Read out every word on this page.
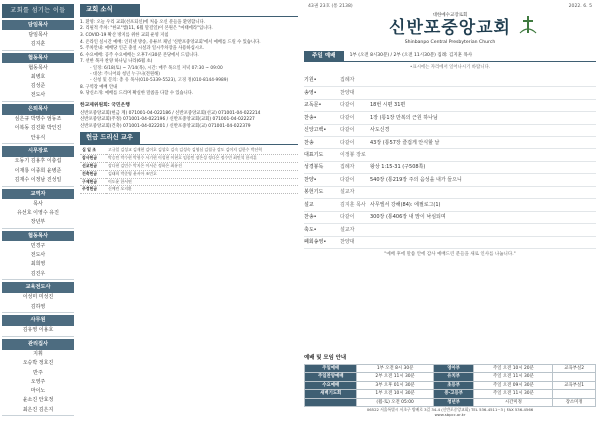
교회를 섬기는 이들
담임목사
담임목사
김지훈
협동목사
협동목사
최병호
김성준
전도사
은퇴목사
심은규 박명수 엄동조
이복동 김진화 박인진
안유식
시무장로
오동기 김용후 이충섭
이재룡 이종희 윤병준
김재수 이정남 진성일
교역자
목사
유선호 이영수 유진
장년부
협동목사
민경구
전도사
최희영
김진우
교육전도사
이성미 미성진
김하영
사무원
김유영 이용호
관리집사
지휘
오승박 정호진
반주
오영주
마이노
윤소진 안효정
최은진 김은지
교회 소식
1. 환영: 오늘 우리 교회(선포되신)에 처음 오신 분들을 환영합니다.
2. 리필적 주차: "한교"앱(11, 6월 말걸일)이 본원은 "마태에라"입니다.
3. COVID-19 확산 방지를 위한 교회 운영 지침
4. 온라인 실시간 예배: 인터넷 방송, 유튜브 채널 '신반포중앙교회'에서 예배를 드릴 수 있습니다.
5. 주차안내: 예배당 인근 충설 시설과 일시주차장을 사용하십시오.
6. 수요예배: 공주 수요예배는 오후7시30분 본당에서 드립니다.
7. 선한 목자 찬양 하나님 나라(6월 초)
- 일정: 6/18(토) ~ 7/14(목), 시간: 매주 목요일 저녁 07:30 ~ 09:00
- 대상: 주니어와 청년 누구나(전원해)
- 신청 및 문의: 총 유 목사(010-5339-5523), 고경 정(010-8144-9989)
8. 구역장 예배 안내
9. 당신소개: 예배를 드리며 확실한 말씀을 다할 수 있습니다.
한교제위원회: 국민은행
신반포중앙교회(헌금 계) 071001-04-022186 / 신반포중앙교회(선교) 071001-04-022214
신반포중앙교회(주정) 071001-04-022196 / 신반포중앙교회(교회) 071001-04-022227
신반포중앙교회(건축) 071001-04-022201 / 신반포중앙교회(교) 071001-04-022379
헌금 드리신 교우
십 일 조	고규일 김성교 김재현 김이호 김상호 김숙 김성숙 김영심 김철규 강도 김이지 김한수 박선혁
감사헌금	박승민 박수현 박형수 서기현 이성현 이현호 임종민 장은성 정다은 정수빈 최민석 한지훈
선교헌금	강다현 김민수 박지은 이서준 정하은 최유진
건축헌금	김태희 박준영 윤서아 조민호
구제헌금	이도윤 한서연
주정헌금	신예린 오지환
43권 23호 (통 2138)	2022. 6. 5
대한예수교장로회
신반포중앙교회
Shinbanpo Central Presbyterian Church
주일 예배	1부 (오전 8시30분) / 2부 (오전 11시30분) 집례: 김지훈 목사
•표시에는 자리에서 일어나시기 바랍니다.
기원•	집례자
송영•	찬양대
교독문•	다같이	18번 시편 31편
찬송•	다같이	1장 (통1장 만복의 근원 하나님
신앙고백•	다같이	사도신경
찬송	다같이	43장 (통57장 즐겁게 안식할 날
대표기도	이정봉 장로
성경봉독	집례자	왕상 1:15-31 (구508쪽)
찬양•	다같이	540장 (통219장 주의 음성을 내가 들으니
봉헌기도	설교자
설교	김지훈 목사 사무엘서 강해(84): 에필로그(1)
찬송•	다같이	300장 (통406장 내 맘이 낙심되며
축도•	설교자
폐회송영•	찬양대
"예배 후에 말씀 안에 감사 예배드린 분들을 새로 인사를 나눕니다."
예배 및 모임 안내
주일예배	1부 오전 8시 30분	영아부	주일 오전 10시 20분	교육부실2
주일찬양예배	2부 오전 11시 30분	유치부	주일 오전 11시 30분	
수요예배	3부 오후 01시 30분	초등부	주일 오전 09시 30분	교육부실1
새벽기도회	1부 오전 10시 30분	중·고등부	주일 오전 11시 30분	
	(월-토) 오전 05:00	청년부	시간미정	장소미정
06522 서울특별시 서초구 방배로 3길 34-4 (신반포중앙교회) TEL 536-4511~3 | FAX 536-4566
www.sbpcc.or.kr
